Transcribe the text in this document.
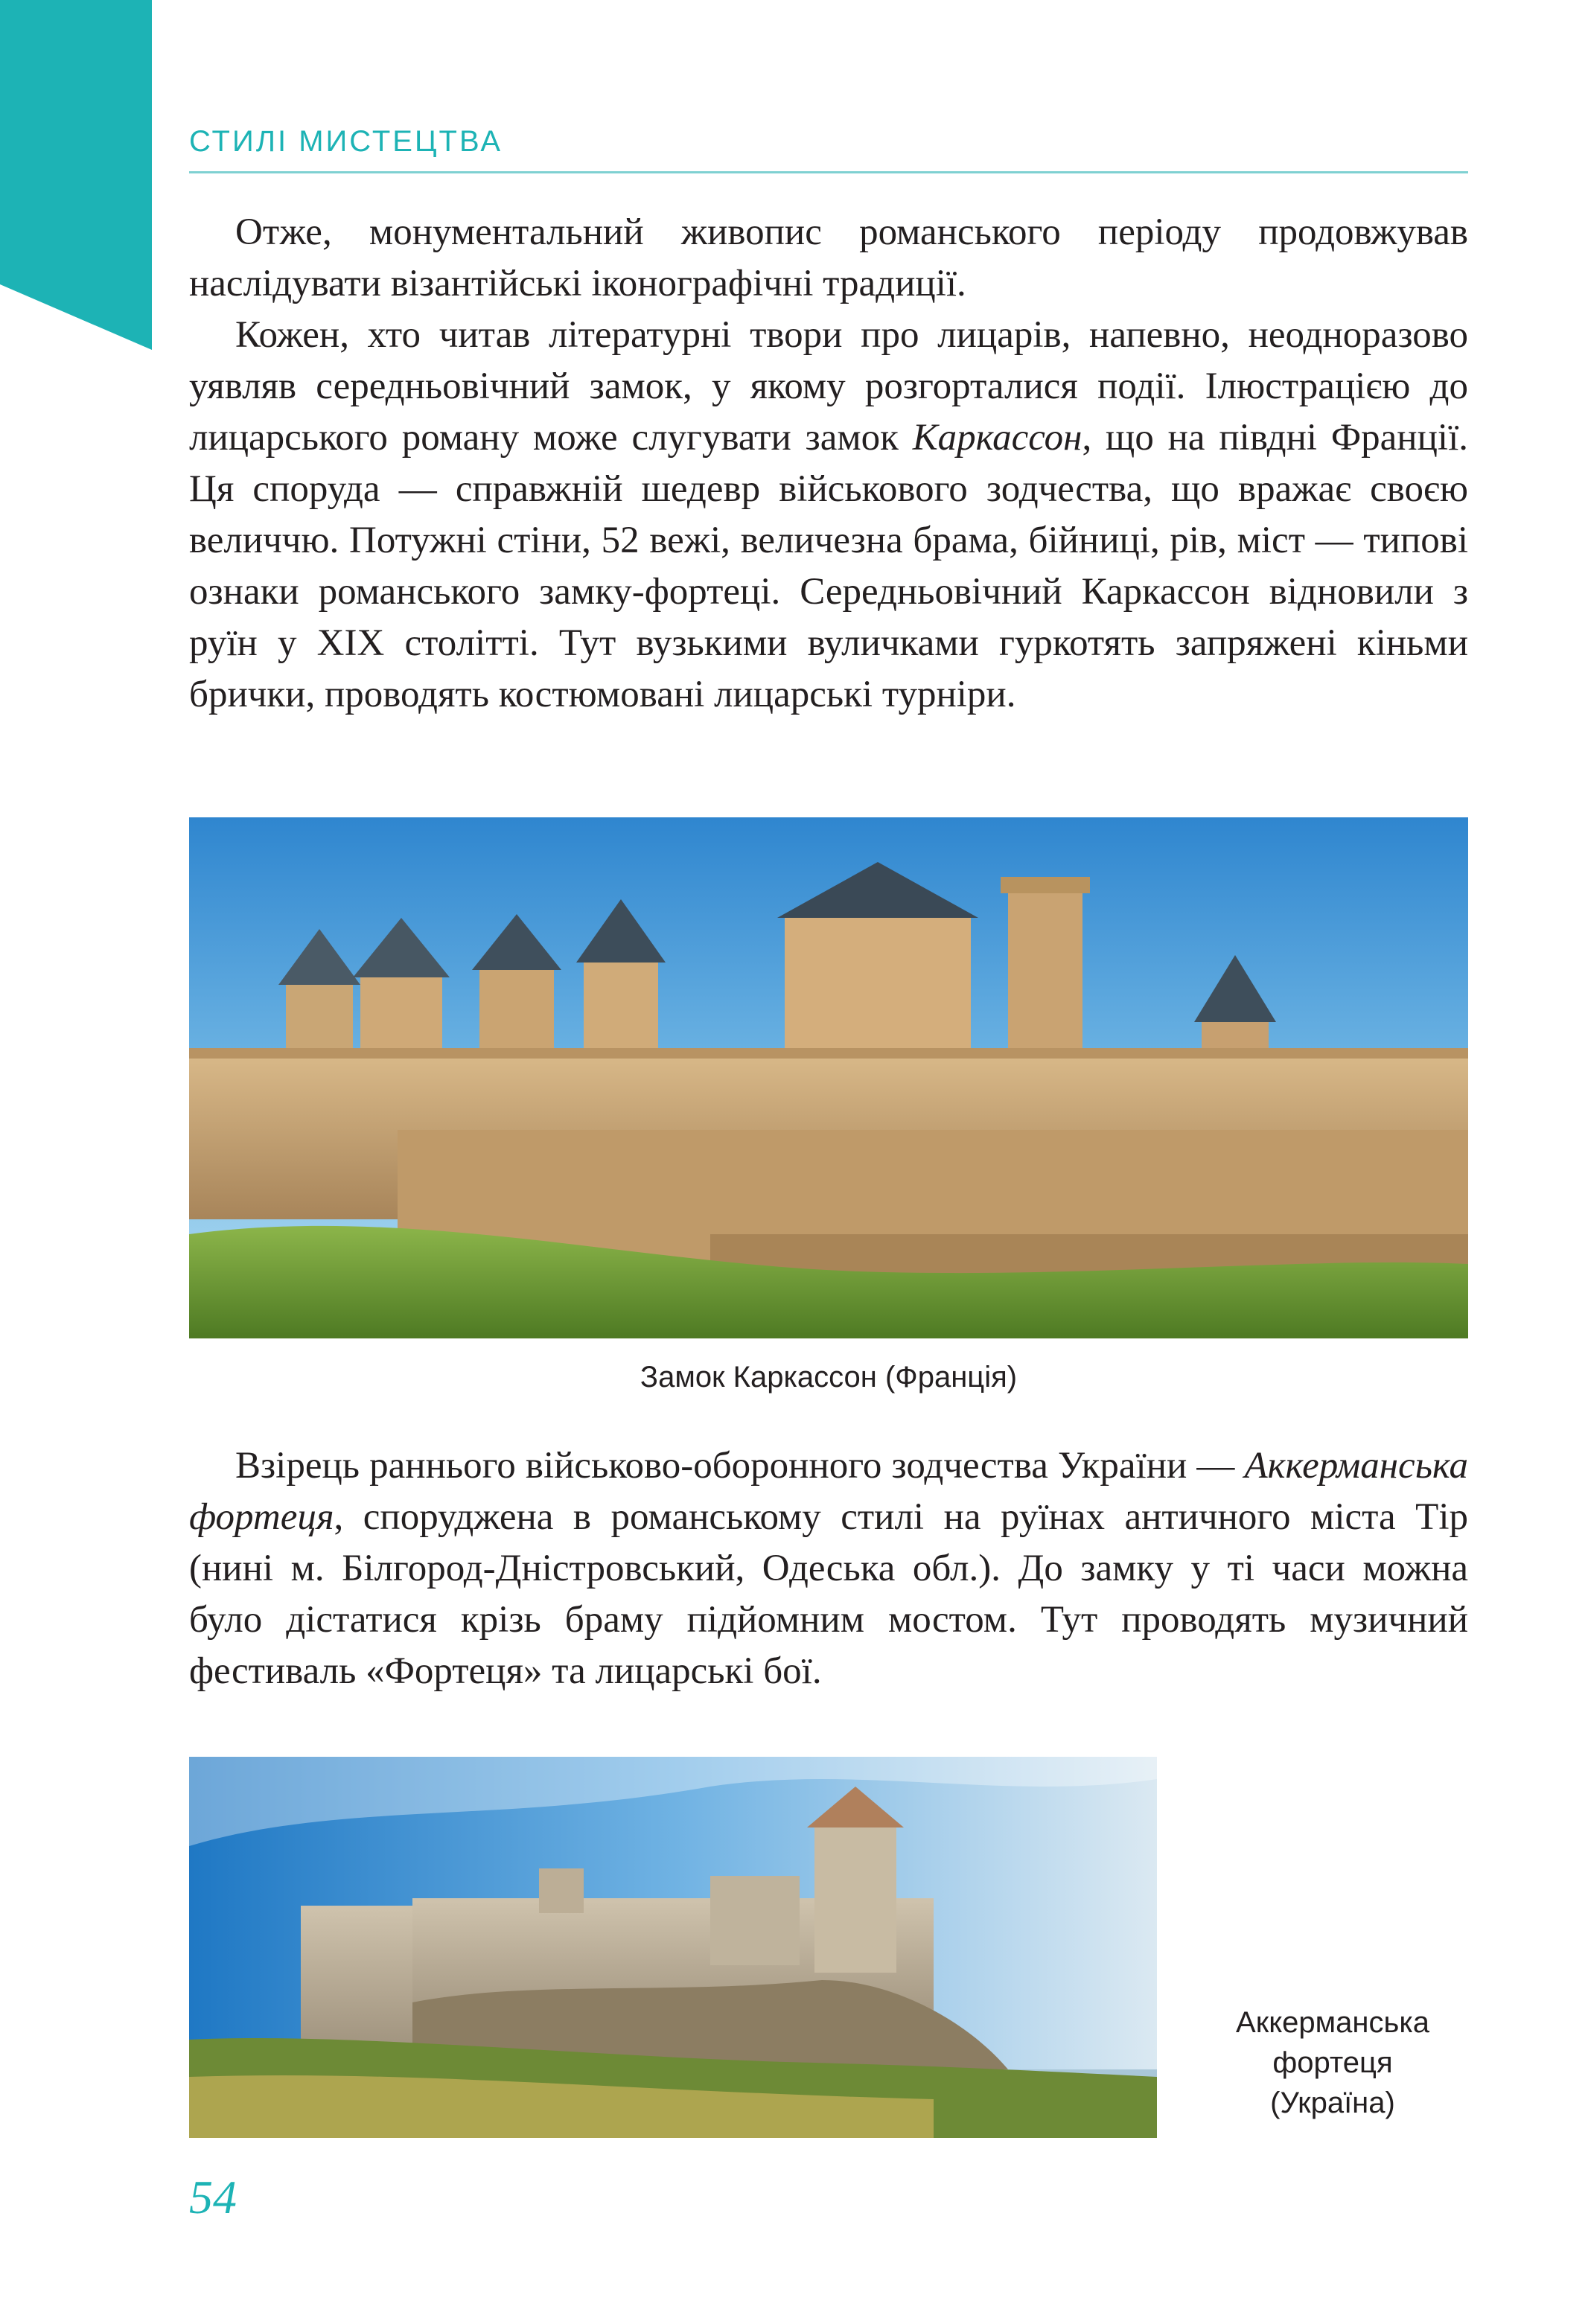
СТИЛІ МИСТЕЦТВА

Отже, монументальний живопис романського періоду продовжував наслідувати візантійські іконографічні традиції.

Кожен, хто читав літературні твори про лицарів, напевно, неодноразово уявляв середньовічний замок, у якому розгорталися події. Ілюстрацією до лицарського роману може слугувати замок Каркассон, що на півдні Франції. Ця споруда — справжній шедевр військового зодчества, що вражає своєю величчю. Потужні стіни, 52 вежі, величезна брама, бійниці, рів, міст — типові ознаки романського замку-фортеці. Середньовічний Каркассон відновили з руїн у XIX столітті. Тут вузькими вуличками гуркотять запряжені кіньми брички, проводять костюмовані лицарські турніри.

Замок Каркассон (Франція)

Взірець раннього військово-оборонного зодчества України — Аккерманська фортеця, споруджена в романському стилі на руїнах античного міста Тір (нині м. Білгород-Дністровський, Одеська обл.). До замку у ті часи можна було дістатися крізь браму підйомним мостом. Тут проводять музичний фестиваль «Фортеця» та лицарські бої.

Аккерманська
фортеця
(Україна)
54
